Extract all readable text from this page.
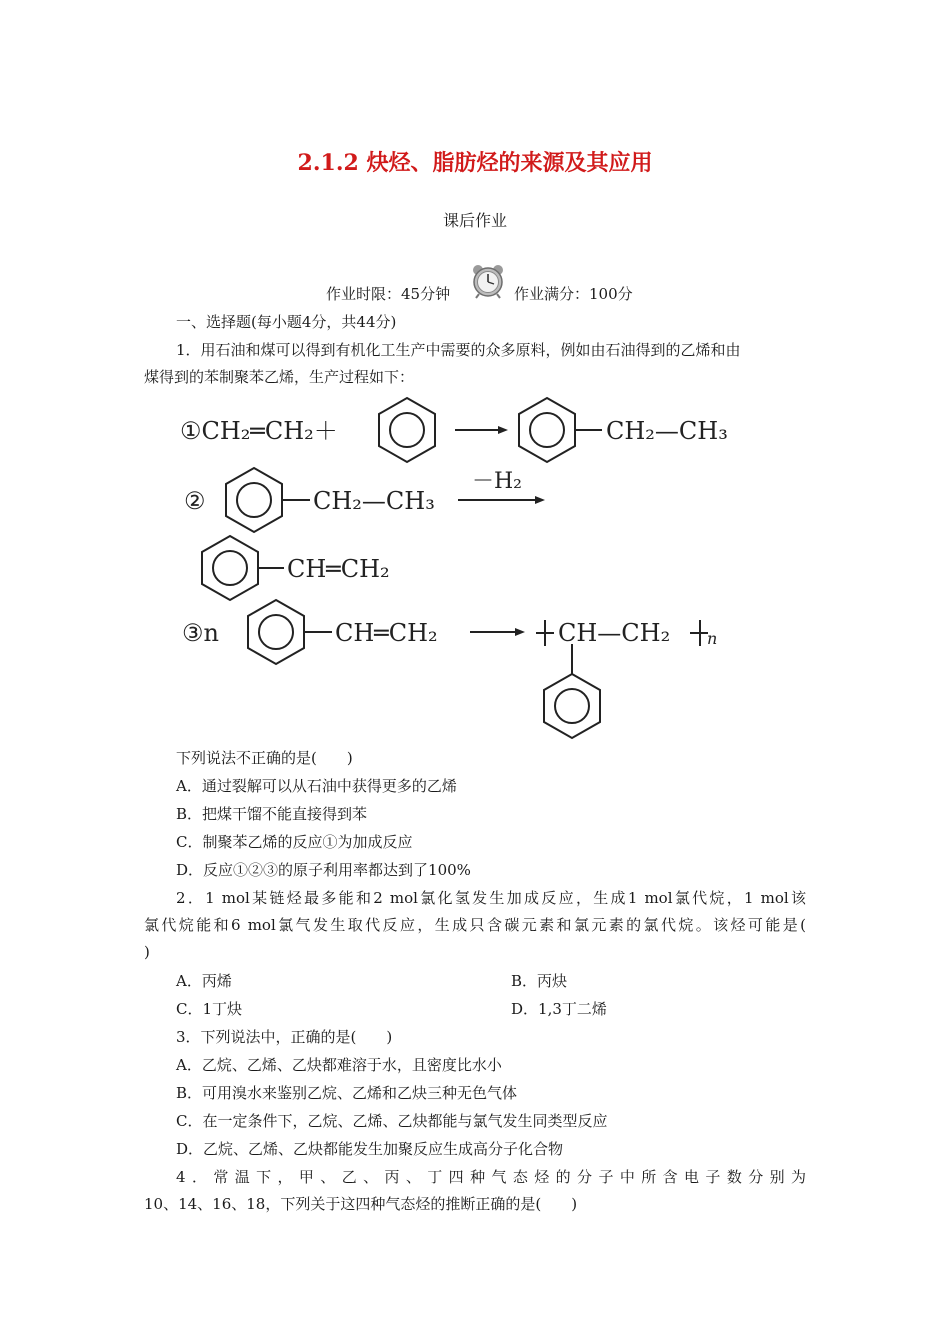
2.1.2 炔烃、脂肪烃的来源及其应用
课后作业
作业时限：45分钟	作业满分：100分
一、选择题(每小题4分，共44分)
1．用石油和煤可以得到有机化工生产中需要的众多原料，例如由石油得到的乙烯和由
煤得到的苯制聚苯乙烯，生产过程如下：
①CH₂═CH₂＋	CH₂—CH₃
②	CH₂—CH₃
－H₂
CH═CH₂
③n	CH═CH₂	CH—CH₂ n
下列说法不正确的是(　　)
A．通过裂解可以从石油中获得更多的乙烯
B．把煤干馏不能直接得到苯
C．制聚苯乙烯的反应①为加成反应
D．反应①②③的原子利用率都达到了100%
2．1 mol某链烃最多能和2 mol氯化氢发生加成反应，生成1 mol氯代烷，1 mol该
氯代烷能和6 mol氯气发生取代反应，生成只含碳元素和氯元素的氯代烷。该烃可能是(
)
A．丙烯	B．丙炔
C．1丁炔	D．1,3丁二烯
3．下列说法中，正确的是(　　)
A．乙烷、乙烯、乙炔都难溶于水，且密度比水小
B．可用溴水来鉴别乙烷、乙烯和乙炔三种无色气体
C．在一定条件下，乙烷、乙烯、乙炔都能与氯气发生同类型反应
D．乙烷、乙烯、乙炔都能发生加聚反应生成高分子化合物
4．常温下，甲、乙、丙、丁四种气态烃的分子中所含电子数分别为
10、14、16、18，下列关于这四种气态烃的推断正确的是(　　)
